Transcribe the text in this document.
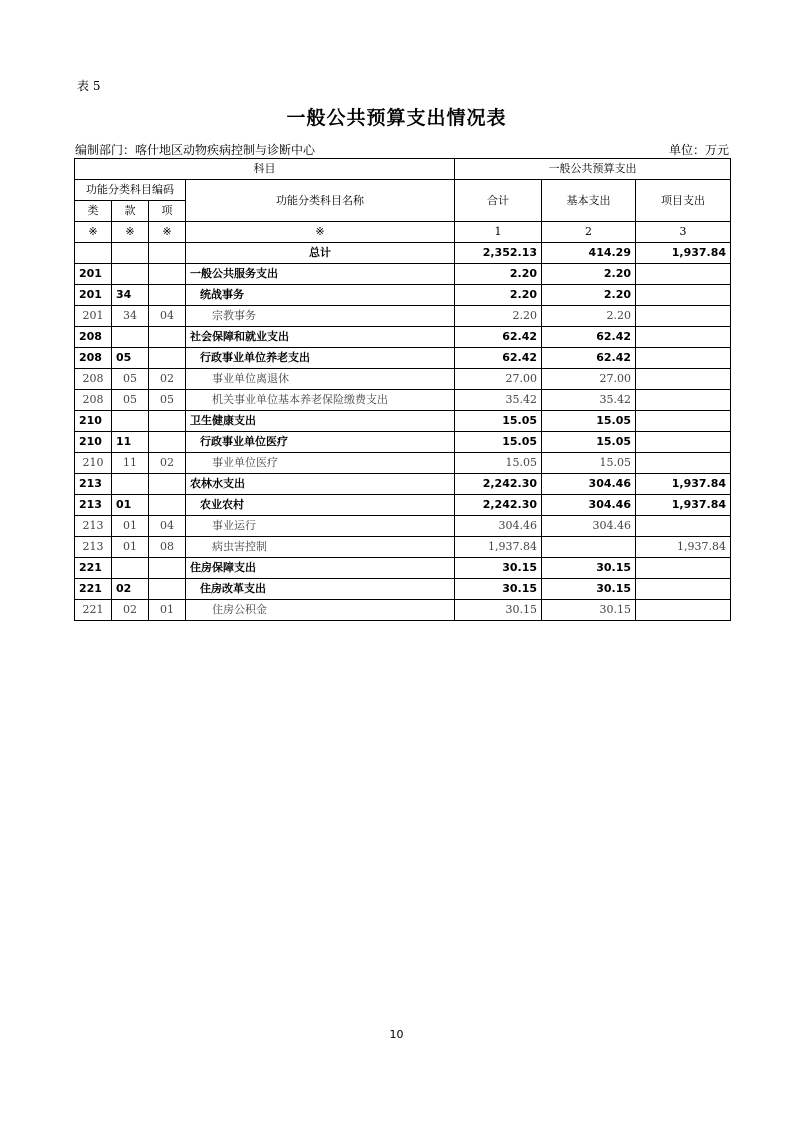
表 5
一般公共预算支出情况表
编制部门：喀什地区动物疾病控制与诊断中心	单位：万元
科目				一般公共预算支出		
功能分类科目编码			功能分类科目名称	合计	基本支出	项目支出
类	款	项				
※	※	※	※	1	2	3
			总计	2,352.13	414.29	1,937.84
201			一般公共服务支出	2.20	2.20	
201	34		统战事务	2.20	2.20	
201	34	04	宗教事务	2.20	2.20	
208			社会保障和就业支出	62.42	62.42	
208	05		行政事业单位养老支出	62.42	62.42	
208	05	02	事业单位离退休	27.00	27.00	
208	05	05	机关事业单位基本养老保险缴费支出	35.42	35.42	
210			卫生健康支出	15.05	15.05	
210	11		行政事业单位医疗	15.05	15.05	
210	11	02	事业单位医疗	15.05	15.05	
213			农林水支出	2,242.30	304.46	1,937.84
213	01		农业农村	2,242.30	304.46	1,937.84
213	01	04	事业运行	304.46	304.46	
213	01	08	病虫害控制	1,937.84		1,937.84
221			住房保障支出	30.15	30.15	
221	02		住房改革支出	30.15	30.15	
221	02	01	住房公积金	30.15	30.15	
10
